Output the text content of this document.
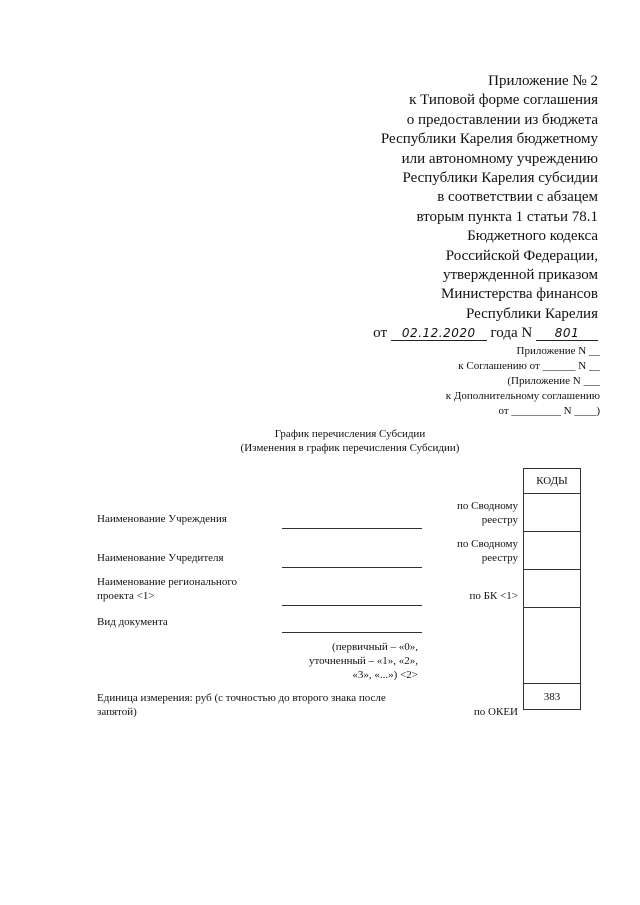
Приложение № 2
к Типовой форме соглашения
о предоставлении из бюджета
Республики Карелия бюджетному
или автономному учреждению
Республики Карелия субсидии
в соответствии с абзацем
вторым пункта 1 статьи 78.1
Бюджетного кодекса
Российской Федерации,
утвержденной приказом
Министерства финансов
Республики Карелия
от 02.12.2020 года N 801
Приложение N __
к Соглашению от ______ N __
(Приложение N ___
к Дополнительному соглашению
от _________ N ____)
График перечисления Субсидии
(Изменения в график перечисления Субсидии)
Наименование Учреждения
Наименование Учредителя
Наименование регионального
проекта <1>
Вид документа
(первичный – «0»,
уточненный – «1», «2»,
«3», «...») <2>
Единица измерения: руб (с точностью до второго знака после
запятой)
по Сводному
реестру
по Сводному
реестру
по БК <1>
по ОКЕИ
КОДЫ
383
